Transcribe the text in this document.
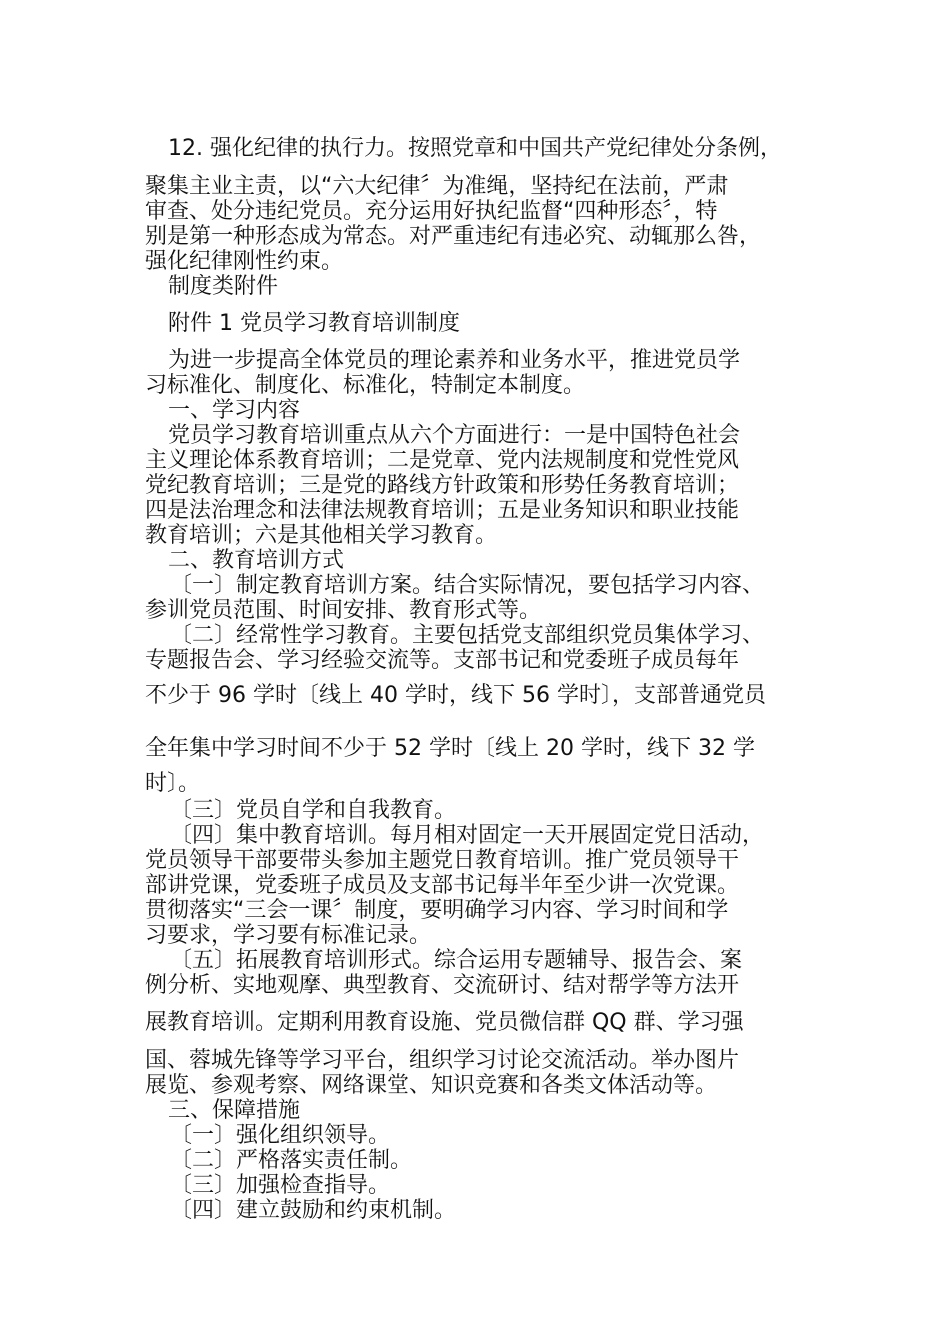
12. 强化纪律的执行力。按照党章和中国共产党纪律处分条例，
聚集主业主责，以“六大纪律〞为准绳，坚持纪在法前，严肃
审查、处分违纪党员。充分运用好执纪监督“四种形态〞，特
别是第一种形态成为常态。对严重违纪有违必究、动辄那么咎，
强化纪律刚性约束。
制度类附件
附件 1 党员学习教育培训制度
为进一步提高全体党员的理论素养和业务水平，推进党员学
习标准化、制度化、标准化，特制定本制度。
一、学习内容
党员学习教育培训重点从六个方面进行：一是中国特色社会
主义理论体系教育培训；二是党章、党内法规制度和党性党风
党纪教育培训；三是党的路线方针政策和形势任务教育培训；
四是法治理念和法律法规教育培训；五是业务知识和职业技能
教育培训；六是其他相关学习教育。
二、教育培训方式
〔一〕制定教育培训方案。结合实际情况，要包括学习内容、
参训党员范围、时间安排、教育形式等。
〔二〕经常性学习教育。主要包括党支部组织党员集体学习、
专题报告会、学习经验交流等。支部书记和党委班子成员每年
不少于 96 学时〔线上 40 学时，线下 56 学时〕，支部普通党员
全年集中学习时间不少于 52 学时〔线上 20 学时，线下 32 学
时〕。
〔三〕党员自学和自我教育。
〔四〕集中教育培训。每月相对固定一天开展固定党日活动，
党员领导干部要带头参加主题党日教育培训。推广党员领导干
部讲党课，党委班子成员及支部书记每半年至少讲一次党课。
贯彻落实“三会一课〞制度，要明确学习内容、学习时间和学
习要求，学习要有标准记录。
〔五〕拓展教育培训形式。综合运用专题辅导、报告会、案
例分析、实地观摩、典型教育、交流研讨、结对帮学等方法开
展教育培训。定期利用教育设施、党员微信群 QQ 群、学习强
国、蓉城先锋等学习平台，组织学习讨论交流活动。举办图片
展览、参观考察、网络课堂、知识竞赛和各类文体活动等。
三、保障措施
〔一〕强化组织领导。
〔二〕严格落实责任制。
〔三〕加强检查指导。
〔四〕建立鼓励和约束机制。
